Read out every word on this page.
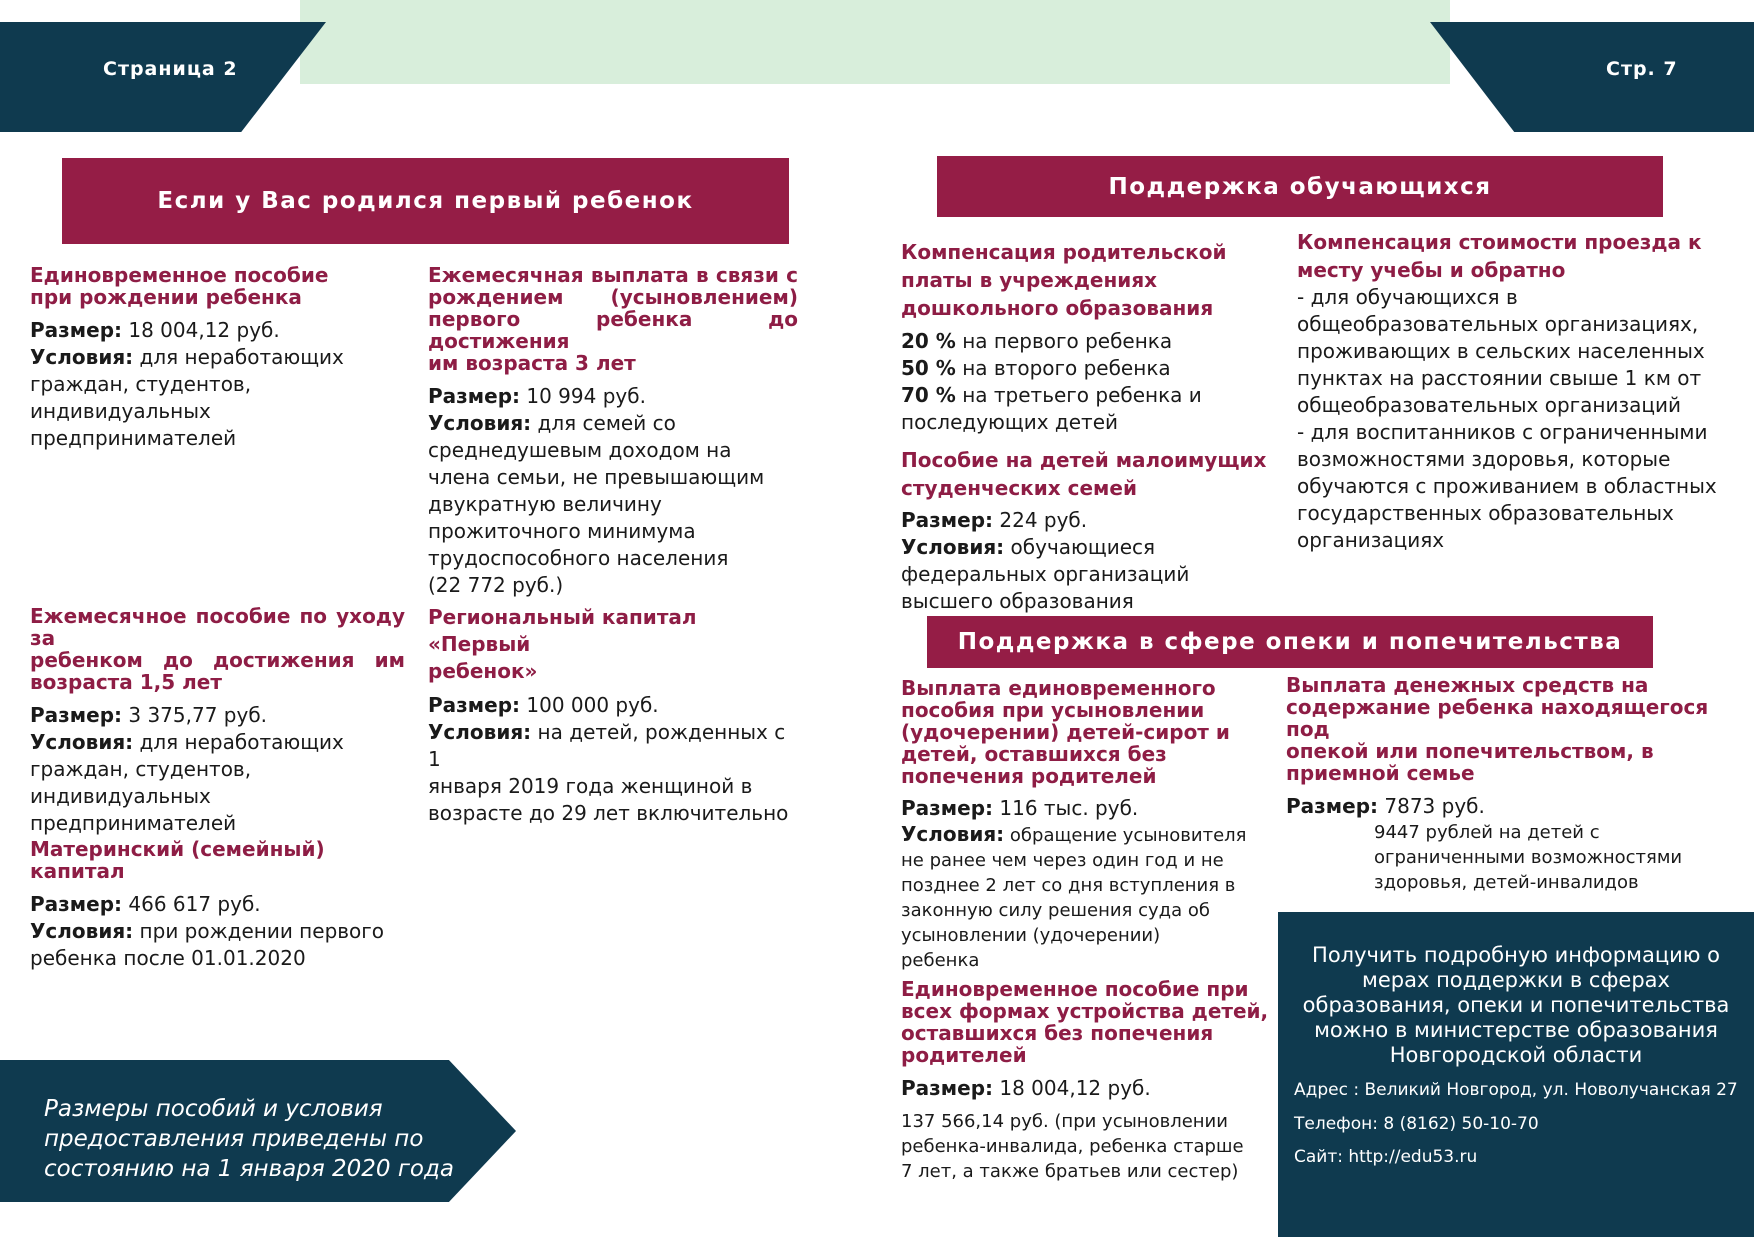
Страница 2	Стр. 7
Если у Вас родился первый ребенок

Единовременное пособие
при рождении ребенка

Размер: 18 004,12 руб.

Условия: для неработающих
граждан, студентов,
индивидуальных
предпринимателей

Ежемесячное пособие по уходу за

ребенком до достижения им

возраста 1,5 лет

Размер: 3 375,77 руб.

Условия: для неработающих
граждан, студентов,
индивидуальных
предпринимателей

Материнский (семейный) капитал

Размер: 466 617 руб.

Условия: при рождении первого
ребенка после 01.01.2020

Ежемесячная выплата в связи с

рождением (усыновлением)

первого ребенка до достижения

им возраста 3 лет

Размер: 10 994 руб.

Условия: для семей со
среднедушевым доходом на
члена семьи, не превышающим
двукратную величину
прожиточного минимума
трудоспособного населения
(22 772 руб.)

Региональный капитал «Первый
ребенок»

Размер: 100 000 руб.

Условия: на детей, рожденных с 1
января 2019 года женщиной в
возрасте до 29 лет включительно

Размеры пособий и условия
предоставления приведены по
состоянию на 1 января 2020 года
Поддержка обучающихся

Компенсация родительской
платы в учреждениях
дошкольного образования

20 % на первого ребенка

50 % на второго ребенка

70 % на третьего ребенка и
последующих детей

Пособие на детей малоимущих
студенческих семей

Размер: 224 руб.

Условия: обучающиеся
федеральных организаций
высшего образования

Компенсация стоимости проезда к
месту учебы и обратно

- для обучающихся в
общеобразовательных организациях,
проживающих в сельских населенных
пунктах на расстоянии свыше 1 км от
общеобразовательных организаций
- для воспитанников с ограниченными
возможностями здоровья, которые
обучаются с проживанием в областных
государственных образовательных
организациях

Поддержка в сфере опеки и попечительства

Выплата единовременного
пособия при усыновлении
(удочерении) детей-сирот и
детей, оставшихся без
попечения родителей

Размер: 116 тыс. руб.

Условия: обращение усыновителя
не ранее чем через один год и не
позднее 2 лет со дня вступления в
законную силу решения суда об
усыновлении (удочерении)
ребенка

Единовременное пособие при
всех формах устройства детей,
оставшихся без попечения
родителей

Размер: 18 004,12 руб.

137 566,14 руб. (при усыновлении
ребенка-инвалида, ребенка старше
7 лет, а также братьев или сестер)

Выплата денежных средств на
содержание ребенка находящегося под
опекой или попечительством, в
приемной семье

Размер: 7873 руб.

9447 рублей на детей с
ограниченными возможностями
здоровья, детей-инвалидов

Получить подробную информацию о
мерах поддержки в сферах
образования, опеки и попечительства
можно в министерстве образования
Новгородской области
Адрес : Великий Новгород, ул. Новолучанская 27
Телефон: 8 (8162) 50-10-70
Сайт: http://edu53.ru
